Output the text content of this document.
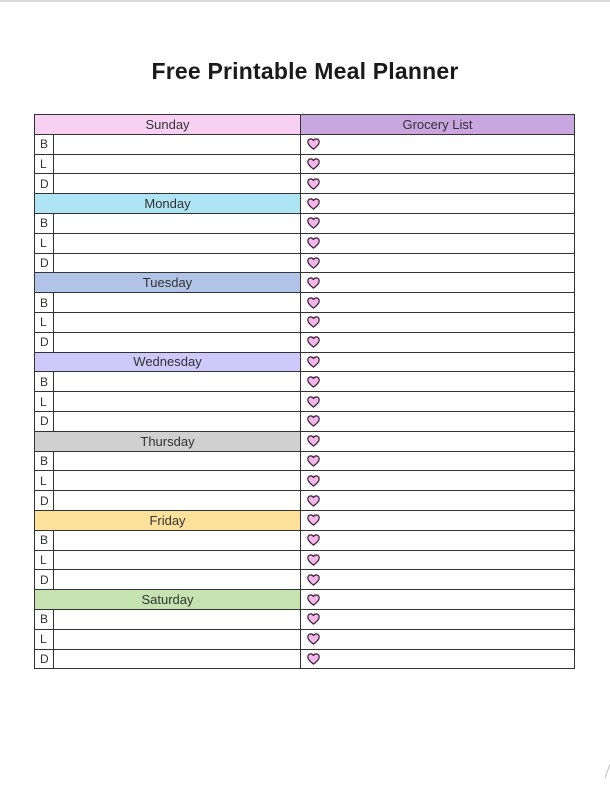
Free Printable Meal Planner
Sunday
B
L
D
Monday
B
L
D
Tuesday
B
L
D
Wednesday
B
L
D
Thursday
B
L
D
Friday
B
L
D
Saturday
B
L
D
Grocery List
